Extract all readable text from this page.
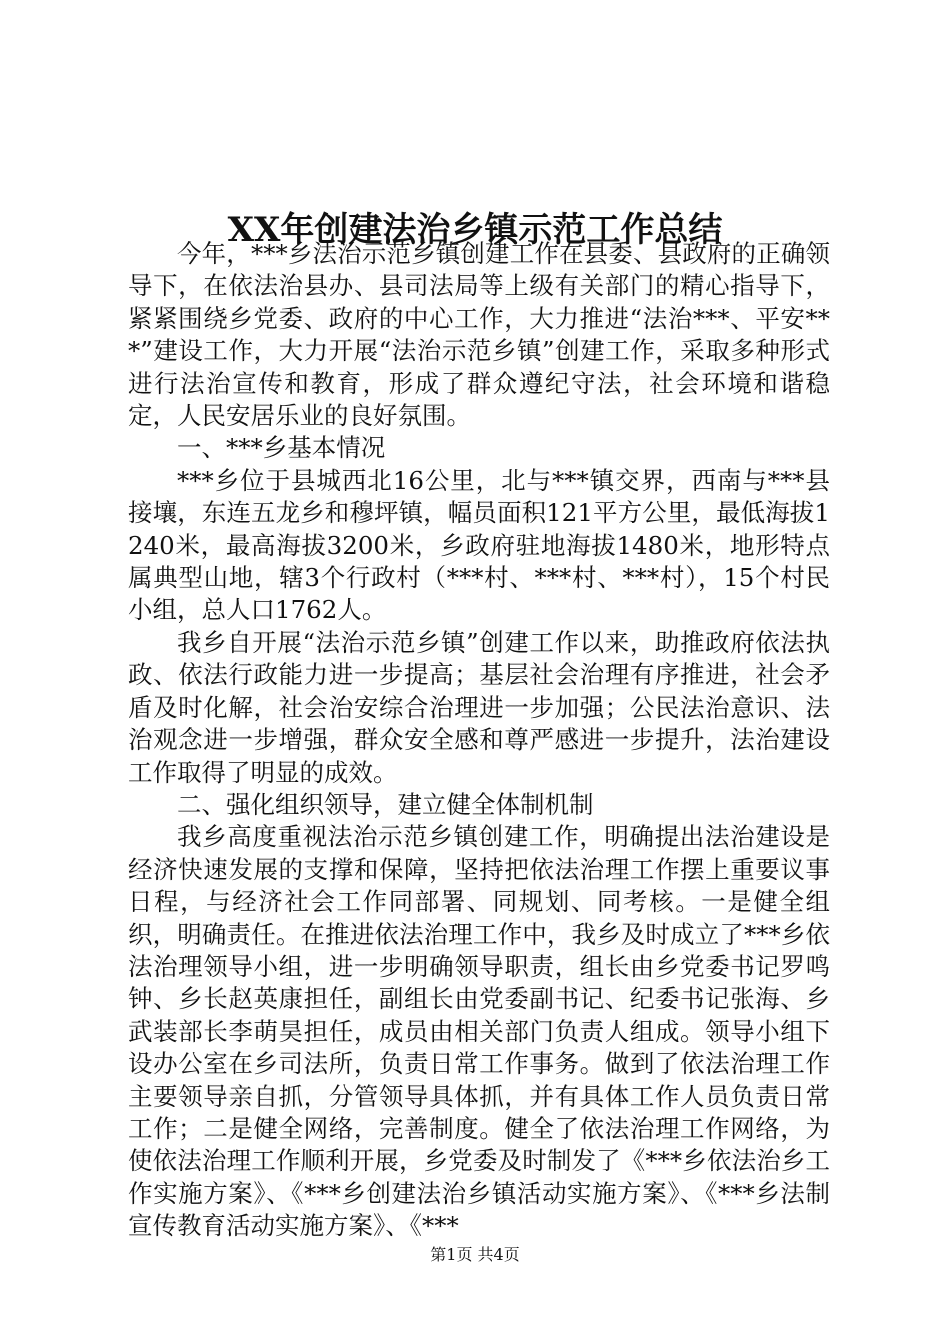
XX年创建法治乡镇示范工作总结

今年，***乡法治示范乡镇创建工作在县委、县政府的正确领导下，在依法治县办、县司法局等上级有关部门的精心指导下，紧紧围绕乡党委、政府的中心工作，大力推进“法治***、平安***”建设工作，大力开展“法治示范乡镇”创建工作，采取多种形式进行法治宣传和教育，形成了群众遵纪守法，社会环境和谐稳定，人民安居乐业的良好氛围。

一、***乡基本情况

***乡位于县城西北16公里，北与***镇交界，西南与***县接壤，东连五龙乡和穆坪镇，幅员面积121平方公里，最低海拔1240米，最高海拔3200米，乡政府驻地海拔1480米，地形特点属典型山地，辖3个行政村（***村、***村、***村），15个村民小组，总人口1762人。

我乡自开展“法治示范乡镇”创建工作以来，助推政府依法执政、依法行政能力进一步提高；基层社会治理有序推进，社会矛盾及时化解，社会治安综合治理进一步加强；公民法治意识、法治观念进一步增强，群众安全感和尊严感进一步提升，法治建设工作取得了明显的成效。

二、强化组织领导，建立健全体制机制

我乡高度重视法治示范乡镇创建工作，明确提出法治建设是经济快速发展的支撑和保障，坚持把依法治理工作摆上重要议事日程，与经济社会工作同部署、同规划、同考核。一是健全组织，明确责任。在推进依法治理工作中，我乡及时成立了***乡依法治理领导小组，进一步明确领导职责，组长由乡党委书记罗鸣钟、乡长赵英康担任，副组长由党委副书记、纪委书记张海、乡武装部长李萌昊担任，成员由相关部门负责人组成。领导小组下设办公室在乡司法所，负责日常工作事务。做到了依法治理工作主要领导亲自抓，分管领导具体抓，并有具体工作人员负责日常工作；二是健全网络，完善制度。健全了依法治理工作网络，为使依法治理工作顺利开展，乡党委及时制发了《***乡依法治乡工作实施方案》、《***乡创建法治乡镇活动实施方案》、《***乡法制宣传教育活动实施方案》、《***

第1页 共4页
